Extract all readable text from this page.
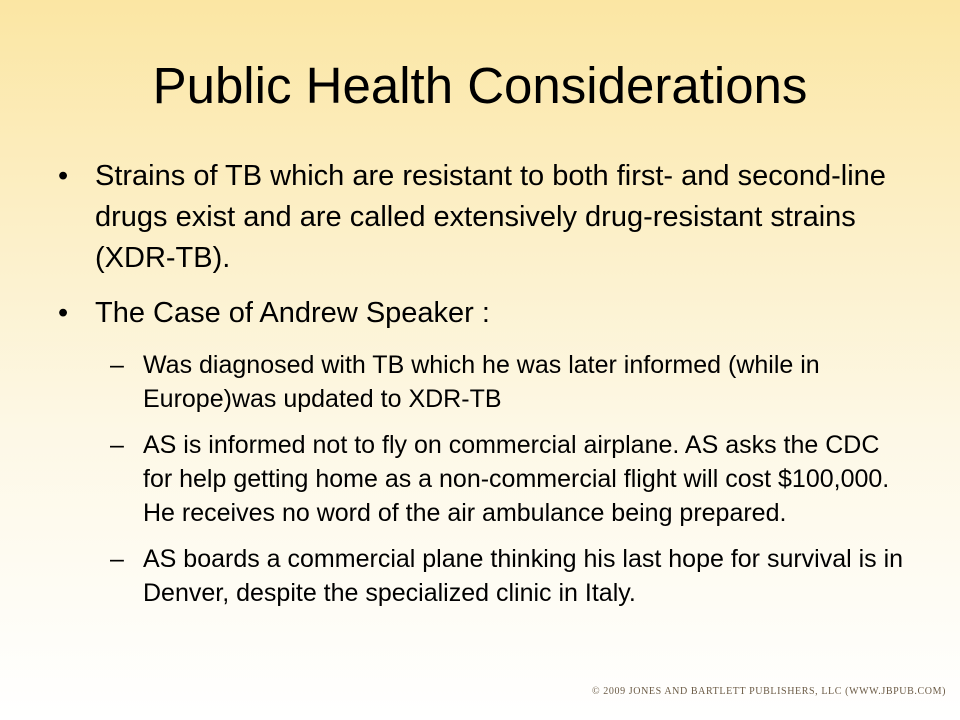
Public Health Considerations
• Strains of TB which are resistant to both first- and second-line drugs exist and are called extensively drug-resistant strains (XDR-TB).
• The Case of Andrew Speaker :
– Was diagnosed with TB which he was later informed (while in Europe)was updated to XDR-TB
– AS is informed not to fly on commercial airplane. AS asks the CDC for help getting home as a non-commercial flight will cost $100,000. He receives no word of the air ambulance being prepared.
– AS boards a commercial plane thinking his last hope for survival is in Denver, despite the specialized clinic in Italy.
© 2009 JONES AND BARTLETT PUBLISHERS, LLC (WWW.JBPUB.COM)
